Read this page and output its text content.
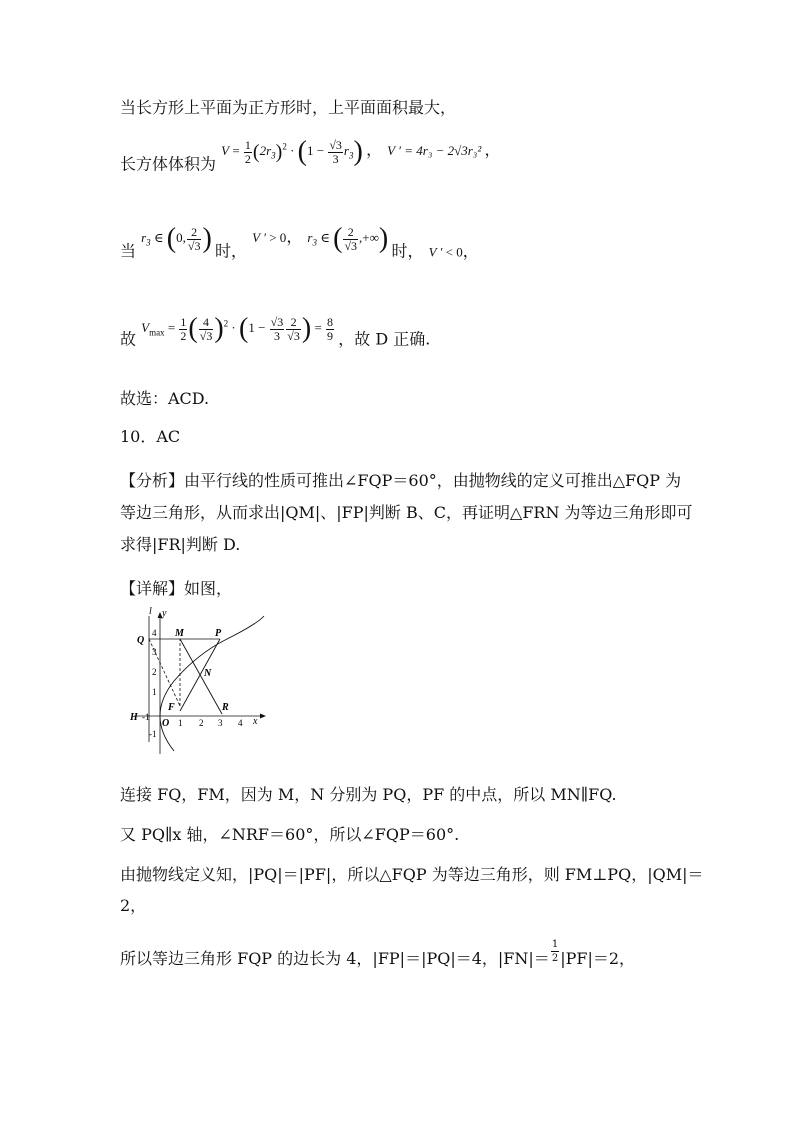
当长方形上平面为正方形时，上平面面积最大，
长方体体积为 $^{V = \frac{1}{2} (2r_3)^2 \cdot (1 - \frac{√3}{3} r_3)}$ ， $^{V ' = 4r_3 - 2√3r_3^2}$ ，
当 $^{r_3 \in (0, \frac{2}{√3} )}$ 时， $^{V ' > 0}$， $^{r_3 \in ( \frac{2}{√3} ,+\infty)}$ 时， V ′ < 0，
故 $^{V_{max} = \frac{1}{2} ( \frac{4}{√3} )^2 \cdot (1 - \frac{√3}{3} \frac{2}{√3} ) = \frac{8}{9}}$ ，故 D 正确.
故选：ACD.
10．AC
【分析】由平行线的性质可推出∠FQP＝60°，由抛物线的定义可推出△FQP 为
等边三角形，从而求出|QM|、|FP|判断 B、C，再证明△FRN 为等边三角形即可
求得|FR|判断 D.
【详解】如图，
l y
x
Q
M	P
N
F	R
O
H -1
1 2 3 4
4
3
2
1
-1
连接 FQ，FM，因为 M，N 分别为 PQ，PF 的中点，所以 MN∥FQ.
又 PQ∥x 轴，∠NRF＝60°，所以∠FQP＝60°.
由抛物线定义知，|PQ|＝|PF|，所以△FQP 为等边三角形，则 FM⊥PQ，|QM|＝
2，
所以等边三角形 FQP 的边长为 4，|FP|＝|PQ|＝4，$|FN|= \frac{1}{2} |PF|=2$，
